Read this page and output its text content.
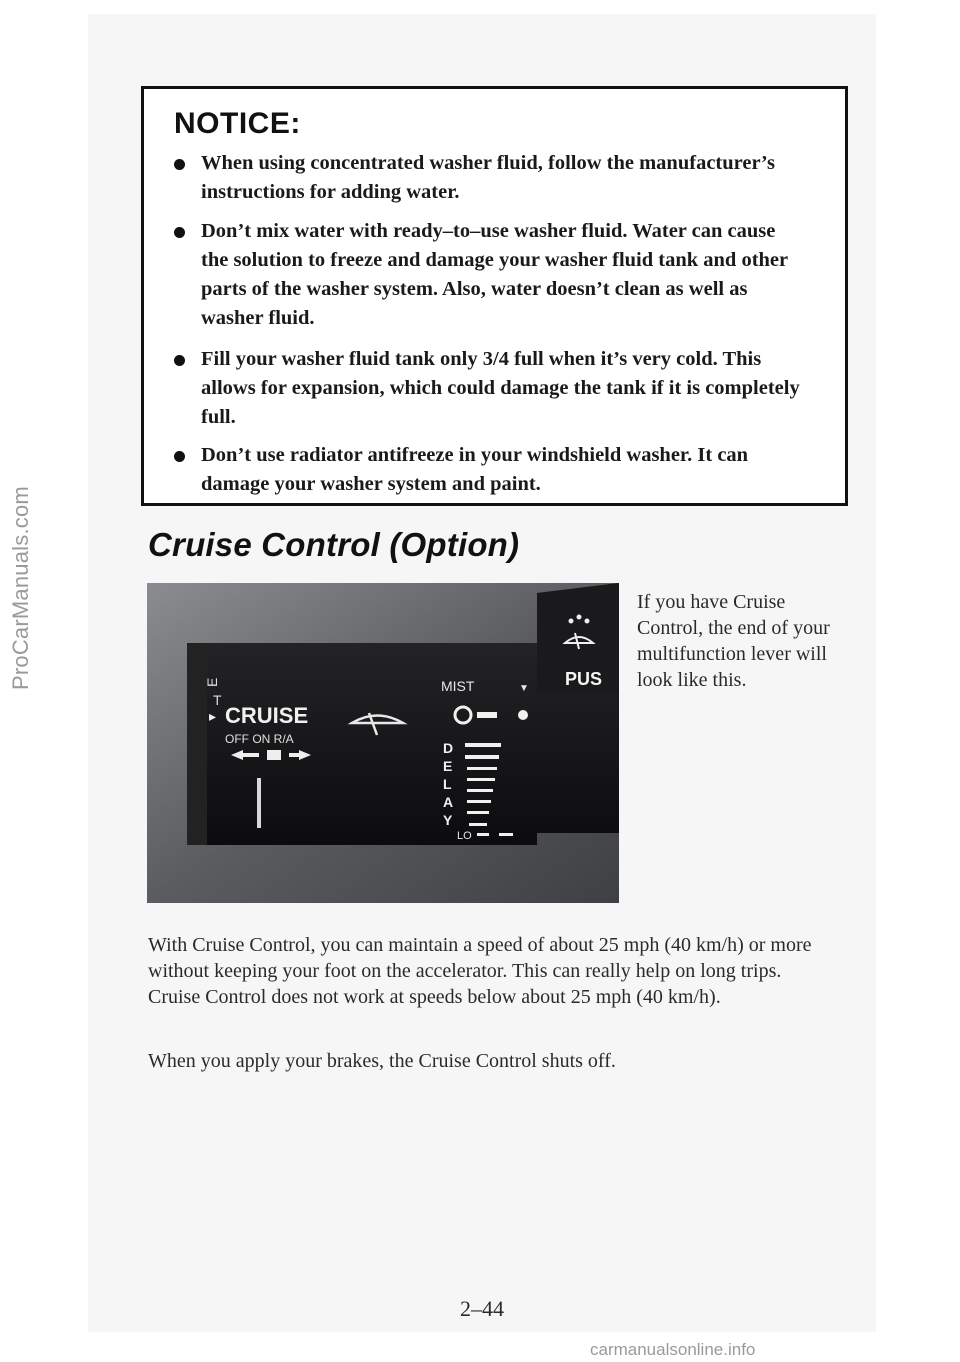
ProCarManuals.com
NOTICE:
When using concentrated washer fluid, follow the manufacturer’s instructions for adding water.
Don’t mix water with ready–to–use washer fluid. Water can cause the solution to freeze and damage your washer fluid tank and other parts of the washer system. Also, water doesn’t clean as well as washer fluid.
Fill your washer fluid tank only 3/4 full when it’s very cold. This allows for expansion, which could damage the tank if it is completely full.
Don’t use radiator antifreeze in your windshield washer. It can damage your washer system and paint.
Cruise Control (Option)
E
T
▸ CRUISE
OFF ON R/A
MIST	▼
D
E
L
A
Y
LO
PUS
If you have Cruise Control, the end of your multifunction lever will look like this.
With Cruise Control, you can maintain a speed of about 25 mph (40 km/h) or more without keeping your foot on the accelerator. This can really help on long trips. Cruise Control does not work at speeds below about 25 mph (40 km/h).
When you apply your brakes, the Cruise Control shuts off.
2–44
carmanualsonline.info
